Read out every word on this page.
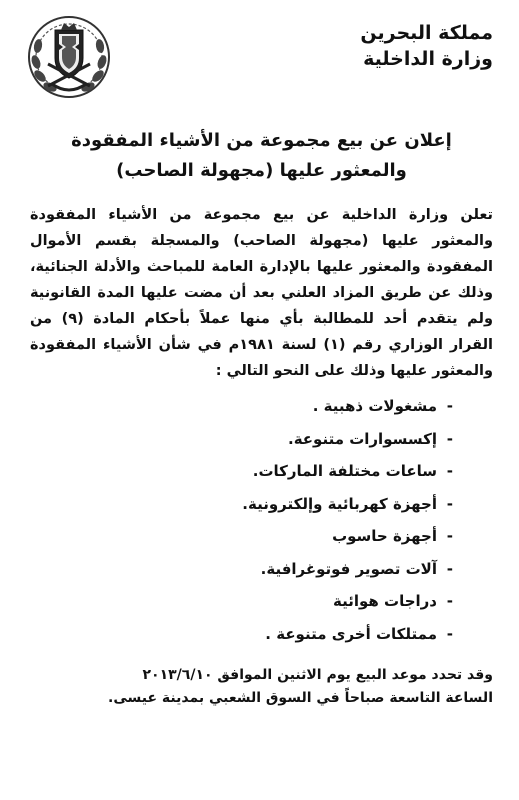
مملكة البحرين
وزارة الداخلية
إعلان عن بيع مجموعة من الأشياء المفقودة
والمعثور عليها (مجهولة الصاحب)
تعلن وزارة الداخلية عن بيع مجموعة من الأشياء المفقودة والمعثور عليها (مجهولة الصاحب) والمسجلة بقسم الأموال المفقودة والمعثور عليها بالإدارة العامة للمباحث والأدلة الجنائية، وذلك عن طريق المزاد العلني بعد أن مضت عليها المدة القانونية ولم يتقدم أحد للمطالبة بأي منها عملاً بأحكام المادة (٩) من القرار الوزاري رقم (١) لسنة ١٩٨١م في شأن الأشياء المفقودة والمعثور عليها وذلك على النحو التالي :
-مشغولات ذهبية .
-إكسسوارات متنوعة.
-ساعات مختلفة الماركات.
-أجهزة كهربائية وإلكترونية.
-أجهزة حاسوب
-آلات تصوير فوتوغرافية.
-دراجات هوائية
-ممتلكات أخرى متنوعة .
وقد تحدد موعد البيع يوم الاثنين الموافق ٢٠١٣/٦/١٠
الساعة التاسعة صباحاً في السوق الشعبي بمدينة عيسى.
